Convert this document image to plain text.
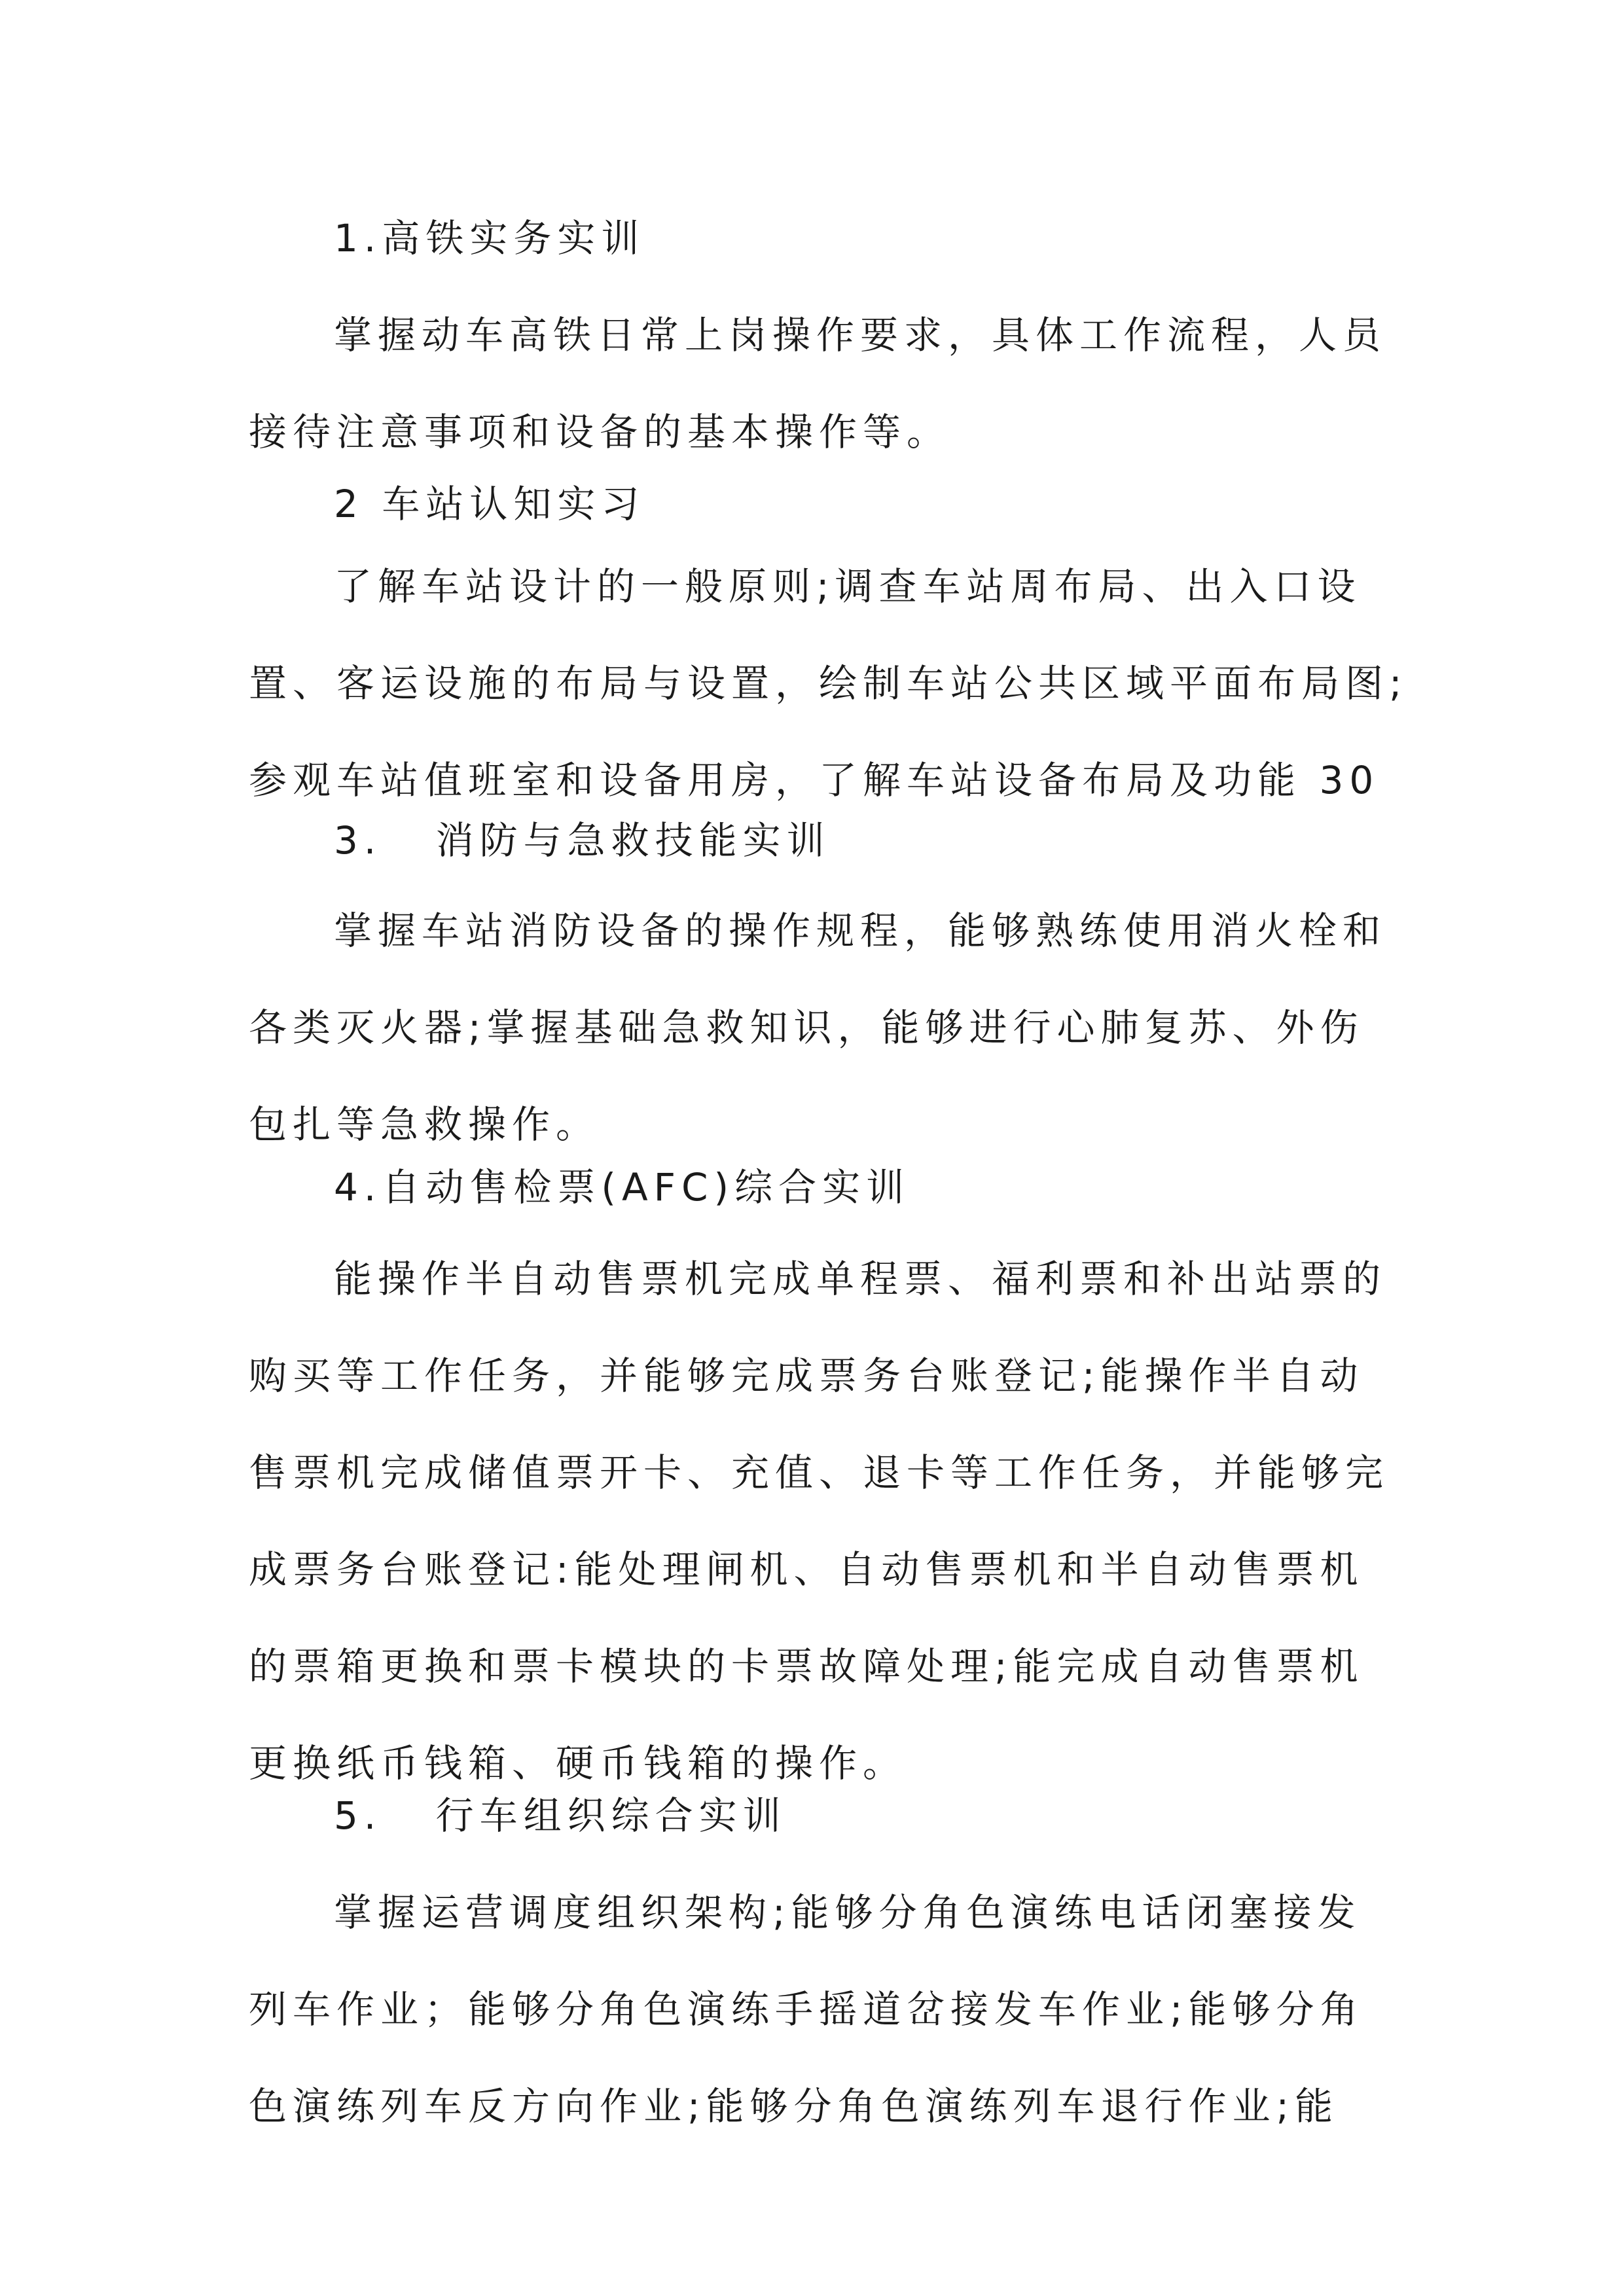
1.高铁实务实训

掌握动车高铁日常上岗操作要求，具体工作流程，人员

接待注意事项和设备的基本操作等。

2 车站认知实习

了解车站设计的一般原则;调查车站周布局、出入口设

置、客运设施的布局与设置，绘制车站公共区域平面布局图;

参观车站值班室和设备用房，了解车站设备布局及功能 30

3.   消防与急救技能实训

掌握车站消防设备的操作规程，能够熟练使用消火栓和

各类灭火器;掌握基础急救知识，能够进行心肺复苏、外伤

包扎等急救操作。

4.自动售检票(AFC)综合实训

能操作半自动售票机完成单程票、福利票和补出站票的

购买等工作任务，并能够完成票务台账登记;能操作半自动

售票机完成储值票开卡、充值、退卡等工作任务，并能够完

成票务台账登记:能处理闸机、自动售票机和半自动售票机

的票箱更换和票卡模块的卡票故障处理;能完成自动售票机

更换纸币钱箱、硬币钱箱的操作。

5.   行车组织综合实训

掌握运营调度组织架构;能够分角色演练电话闭塞接发

列车作业；能够分角色演练手摇道岔接发车作业;能够分角

色演练列车反方向作业;能够分角色演练列车退行作业;能
